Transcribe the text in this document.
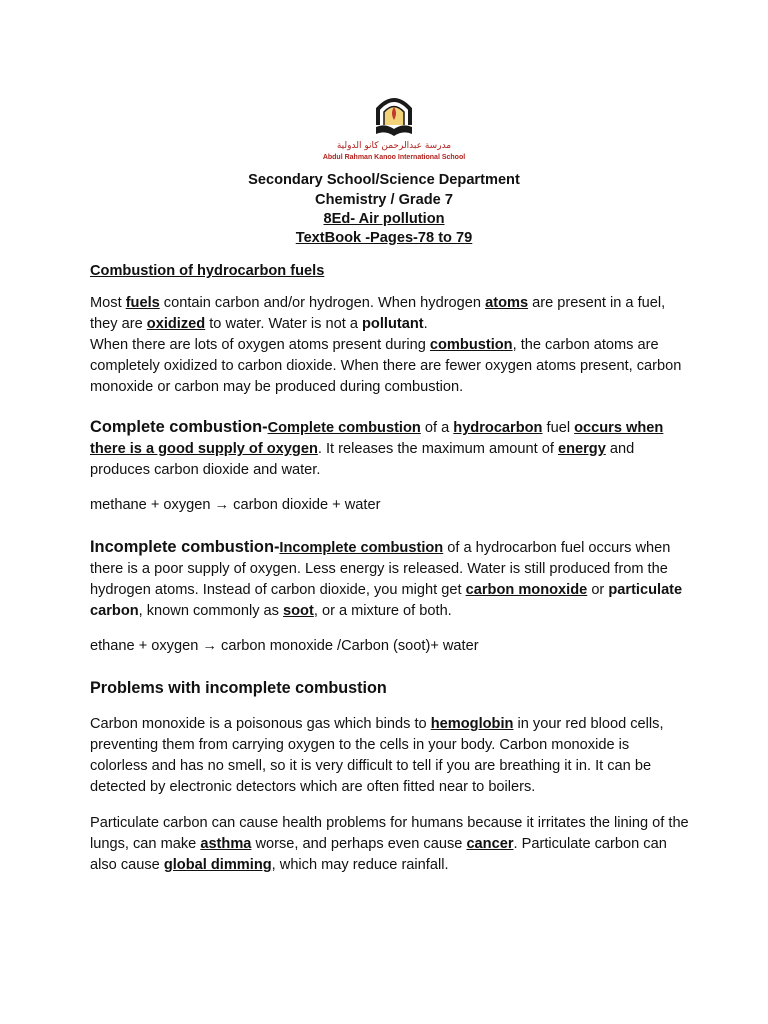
مدرسة عبدالرحمن كانو الدولية
Abdul Rahman Kanoo International School
Secondary School/Science Department
Chemistry / Grade 7
8Ed- Air pollution
TextBook -Pages-78 to 79
Combustion of hydrocarbon fuels

Most fuels contain carbon and/or hydrogen. When hydrogen atoms are present in a fuel, they are oxidized to water. Water is not a pollutant.

When there are lots of oxygen atoms present during combustion, the carbon atoms are completely oxidized to carbon dioxide. When there are fewer oxygen atoms present, carbon monoxide or carbon may be produced during combustion.

Complete combustion-Complete combustion of a hydrocarbon fuel occurs when there is a good supply of oxygen. It releases the maximum amount of energy and produces carbon dioxide and water.

methane + oxygen → carbon dioxide + water

Incomplete combustion-Incomplete combustion of a hydrocarbon fuel occurs when there is a poor supply of oxygen. Less energy is released. Water is still produced from the hydrogen atoms. Instead of carbon dioxide, you might get carbon monoxide or particulate carbon, known commonly as soot, or a mixture of both.

ethane + oxygen → carbon monoxide /Carbon (soot)+ water
Problems with incomplete combustion

Carbon monoxide is a poisonous gas which binds to hemoglobin in your red blood cells, preventing them from carrying oxygen to the cells in your body. Carbon monoxide is colorless and has no smell, so it is very difficult to tell if you are breathing it in. It can be detected by electronic detectors which are often fitted near to boilers.

Particulate carbon can cause health problems for humans because it irritates the lining of the lungs, can make asthma worse, and perhaps even cause cancer. Particulate carbon can also cause global dimming, which may reduce rainfall.
